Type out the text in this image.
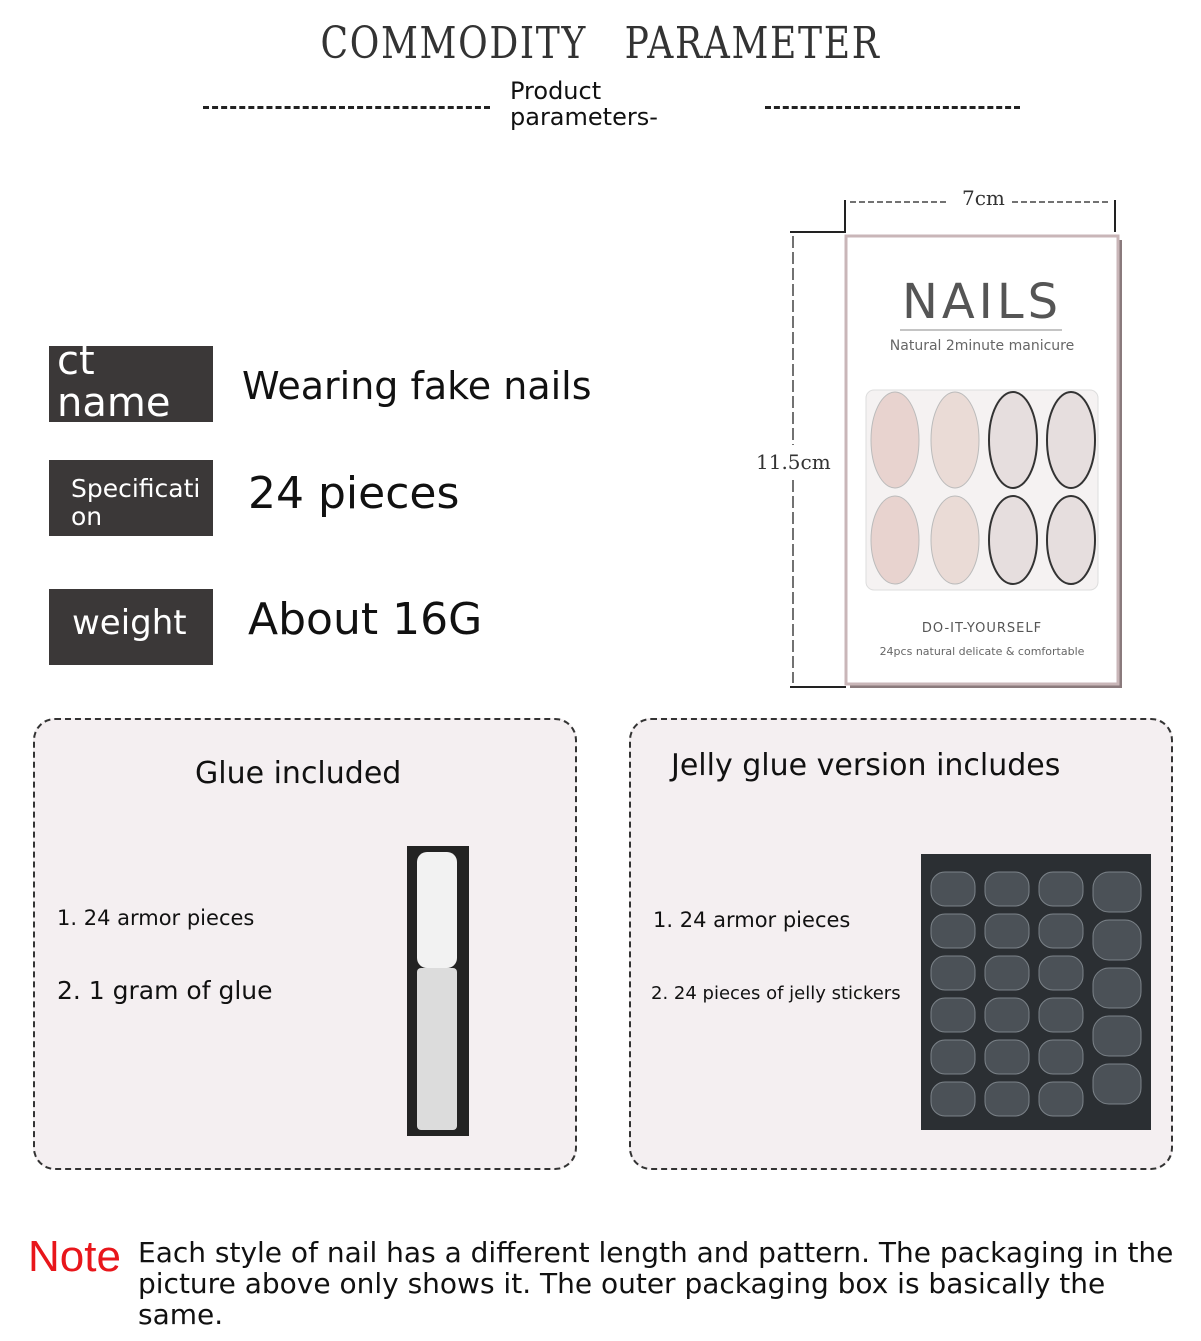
COMMODITY PARAMETER
Product
parameters-
ct
name Wearing fake nails
Specificati
on	24 pieces
weight About 16G
7cm
11.5cm
NAILS
Natural 2minute manicure
DO-IT-YOURSELF
24pcs natural delicate & comfortable
Glue included
1. 24 armor pieces
2. 1 gram of glue
Jelly glue version includes
1. 24 armor pieces
2. 24 pieces of jelly stickers
Note Each style of nail has a different length and pattern. The packaging in the
picture above only shows it. The outer packaging box is basically the same.
